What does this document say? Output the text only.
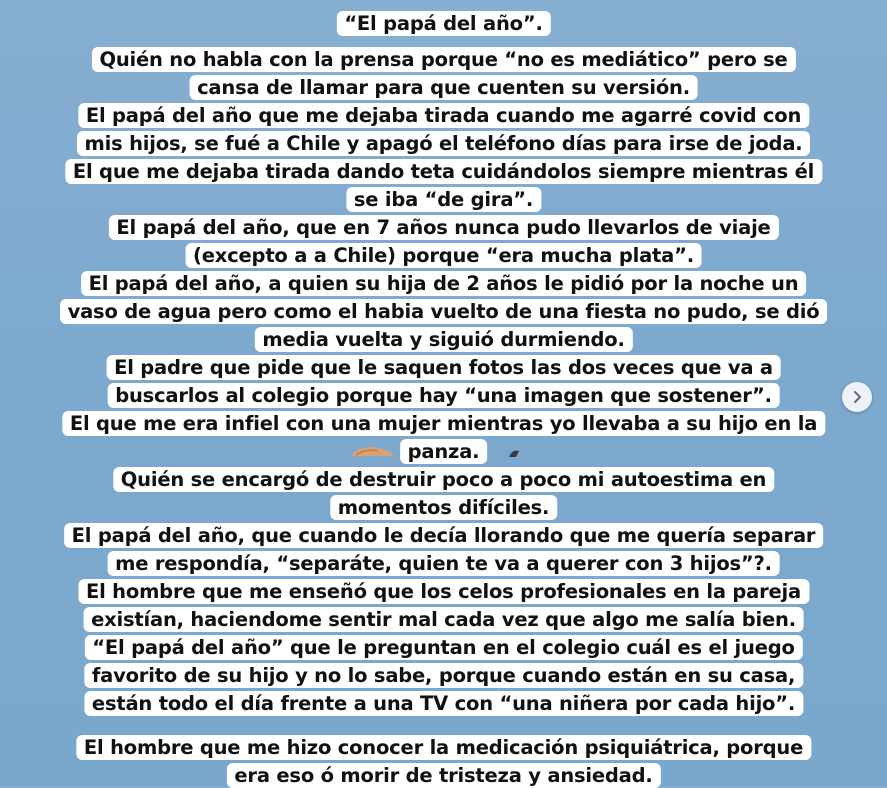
“El papá del año”.
Quién no habla con la prensa porque “no es mediático” pero se
cansa de llamar para que cuenten su versión.
El papá del año que me dejaba tirada cuando me agarré covid con
mis hijos, se fué a Chile y apagó el teléfono días para irse de joda.
El que me dejaba tirada dando teta cuidándolos siempre mientras él
se iba “de gira”.
El papá del año, que en 7 años nunca pudo llevarlos de viaje
(excepto a a Chile) porque “era mucha plata”.
El papá del año, a quien su hija de 2 años le pidió por la noche un
vaso de agua pero como el habia vuelto de una fiesta no pudo, se dió
media vuelta y siguió durmiendo.
El padre que pide que le saquen fotos las dos veces que va a
buscarlos al colegio porque hay “una imagen que sostener”.
El que me era infiel con una mujer mientras yo llevaba a su hijo en la
panza.
Quién se encargó de destruir poco a poco mi autoestima en
momentos difíciles.
El papá del año, que cuando le decía llorando que me quería separar
me respondía, “separáte, quien te va a querer con 3 hijos”?.
El hombre que me enseñó que los celos profesionales en la pareja
existían, haciendome sentir mal cada vez que algo me salía bien.
“El papá del año” que le preguntan en el colegio cuál es el juego
favorito de su hijo y no lo sabe, porque cuando están en su casa,
están todo el día frente a una TV con “una niñera por cada hijo”.
El hombre que me hizo conocer la medicación psiquiátrica, porque
era eso ó morir de tristeza y ansiedad.
